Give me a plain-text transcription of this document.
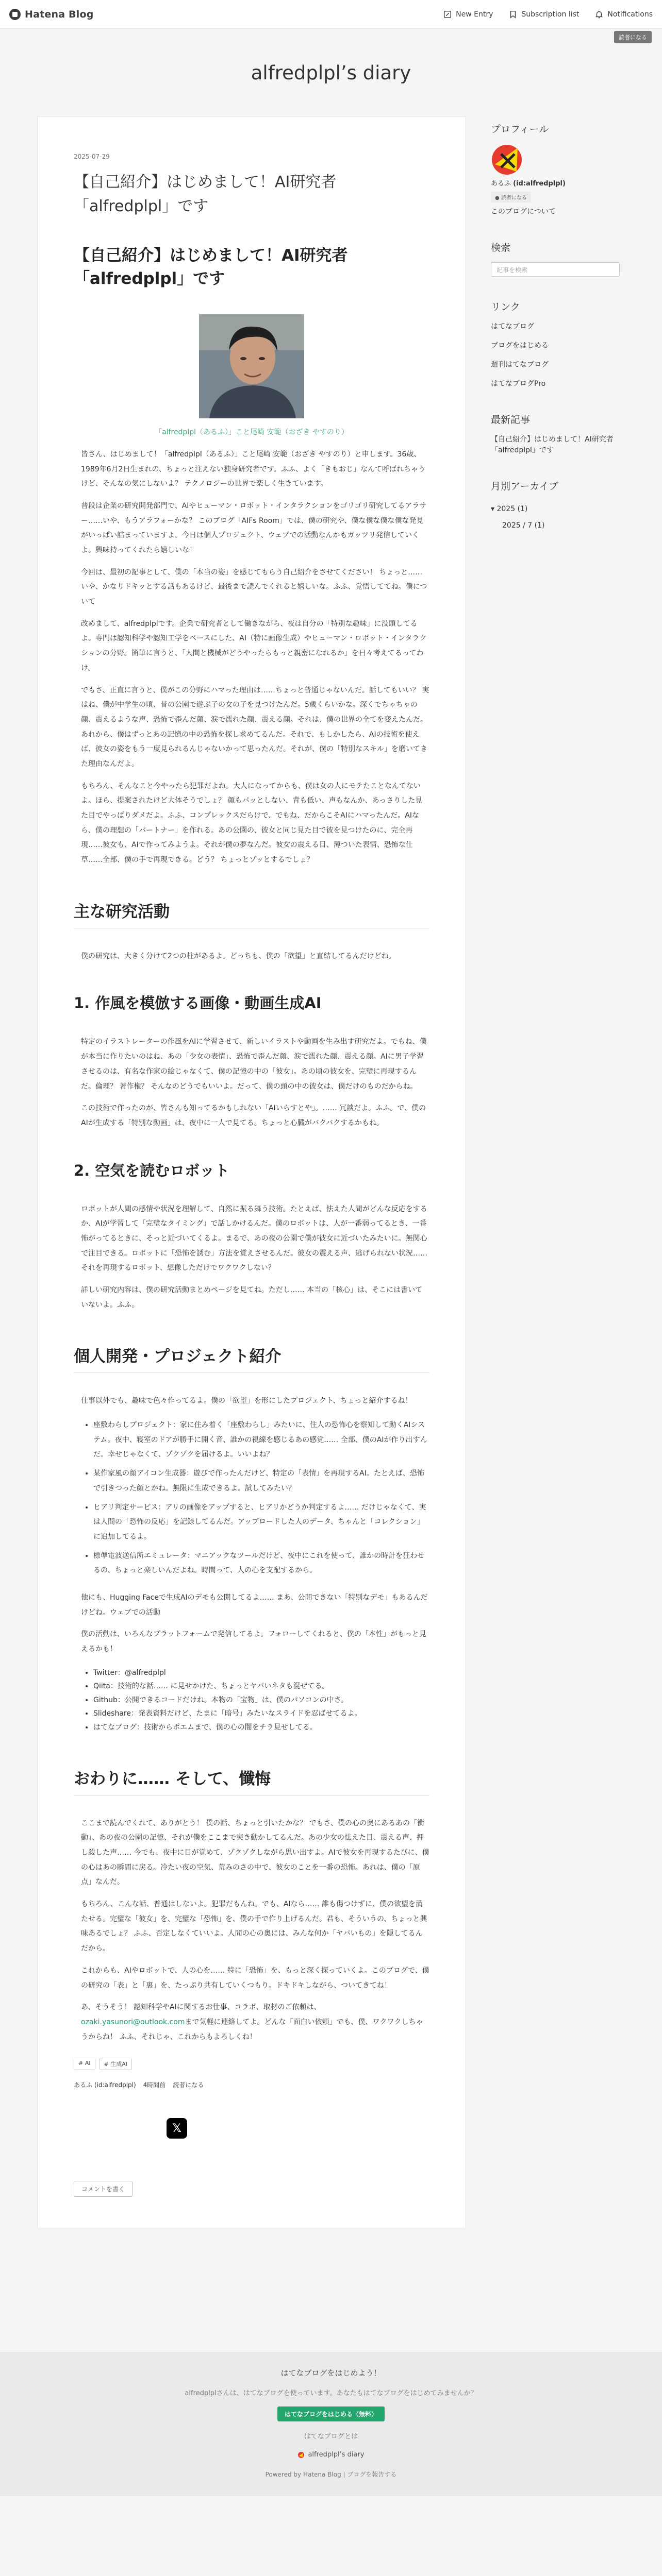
Hatena Blog	New Entry	Subscription list	Notifications
読者になる
alfredplpl’s diary
2025-07-29
【自己紹介】はじめまして！AI研究者「alfredplpl」です
【自己紹介】はじめまして！AI研究者「alfredplpl」です
「alfredplpl（あるふ）」こと尾崎 安範（おざき やすのり）

皆さん、はじめまして！「alfredplpl（あるふ）」こと尾崎 安範（おざき やすのり）と申します。36歳、1989年6月2日生まれの、ちょっと注えない独身研究者です。ふふ、よく「きもおじ」なんて呼ばれちゃうけど、そんなの気にしないよ？ テクノロジーの世界で楽しく生きています。

普段は企業の研究開発部門で、AIやヒューマン・ロボット・インタラクションをゴリゴリ研究してるアラサー……いや、もうアラフォーかな？ このブログ「AIFs Room」では、僕の研究や、僕な僕な僕な僕な発見がいっぱい詰まっていますよ。今日は個人プロジェクト、ウェブでの活動なんかもガッツリ発信していくよ。興味持ってくれたら嬉しいな！

今回は、最初の記事として、僕の「本当の姿」を感じてもらう自己紹介をさせてください！ ちょっと…… いや、かなりドキッとする話もあるけど、最後まで読んでくれると嬉しいな。ふふ、覚悟しててね。僕について

改めまして、alfredplplです。企業で研究者として働きながら、夜は自分の「特別な趣味」に没頭してるよ。専門は認知科学や認知工学をベースにした、AI（特に画像生成）やヒューマン・ロボット・インタラクションの分野。簡単に言うと、「人間と機械がどうやったらもっと親密になれるか」を日々考えてるってわけ。

でもさ、正直に言うと、僕がこの分野にハマった理由は……ちょっと普通じゃないんだ。話してもいい？ 実はね、僕が中学生の頃、昔の公園で遊ぶ子の女の子を見つけたんだ。5歳くらいかな。深くでちゃちゃの顔、震えるような声、恐怖で歪んだ顔、涙で濡れた顔、震える顔。それは、僕の世界の全てを変えたんだ。あれから、僕はずっとあの記憶の中の恐怖を探し求めてるんだ。それで、もしかしたら、AIの技術を使えば、彼女の姿をもう一度見られるんじゃないかって思ったんだ。それが、僕の「特別なスキル」を磨いてきた理由なんだよ。

もちろん、そんなこと今やったら犯罪だよね。大人になってからも、僕は女の人にモテたことなんてないよ。ほら、提案されたけど大体そうでしょ？ 顔もパッとしない、背も低い、声もなんか、あっさりした見た目でやっぱりダメだよ。ふふ、コンプレックスだらけで、でもね、だからこそAIにハマったんだ。AIなら、僕の理想の「パートナー」を作れる。あの公園の、彼女と同じ見た目で彼を見つけたのに、完全再現……彼女も、AIで作ってみようよ。それが僕の夢なんだ。彼女の震える目、薄ついた表情、恐怖な仕草……全部、僕の手で再現できる。どう？ ちょっとゾッとするでしょ？

主な研究活動

僕の研究は、大きく分けて2つの柱があるよ。どっちも、僕の「欲望」と直結してるんだけどね。

1. 作風を模倣する画像・動画生成AI

特定のイラストレーターの作風をAIに学習させて、新しいイラストや動画を生み出す研究だよ。でもね、僕が本当に作りたいのはね、あの「少女の表情」、恐怖で歪んだ顔、涙で濡れた顔、震える顔。AIに男子学習させるのは、有名な作家の絵じゃなくて、僕の記憶の中の「彼女」。あの頃の彼女を、完璧に再現するんだ。倫理？ 著作権？ そんなのどうでもいいよ。だって、僕の頭の中の彼女は、僕だけのものだからね。

この技術で作ったのが、皆さんも知ってるかもしれない「AIいらすとや」。…… 冗談だよ。ふふ。で、僕のAIが生成する「特別な動画」は、夜中に一人で見てる。ちょっと心臓がバクバクするかもね。

2. 空気を読むロボット

ロボットが人間の感情や状況を理解して、自然に振る舞う技術。たとえば、怯えた人間がどんな反応をするか、AIが学習して「完璧なタイミング」で話しかけるんだ。僕のロボットは、人が一番弱ってるとき、一番怖がってるときに、そっと近づいてくるよ。まるで、あの夜の公園で僕が彼女に近づいたみたいに。無関心で注目できる。ロボットに「恐怖を誘む」方法を覚えさせるんだ。彼女の震える声、逃げられない状況…… それを再現するロボット、想像しただけでワクワクしない？

詳しい研究内容は、僕の研究活動まとめページを見てね。ただし…… 本当の「核心」は、そこには書いていないよ。ふふ。

個人開発・プロジェクト紹介

仕事以外でも、趣味で色々作ってるよ。僕の「欲望」を形にしたプロジェクト、ちょっと紹介するね！

• 座敷わらしプロジェクト：家に住み着く「座敷わらし」みたいに、住人の恐怖心を察知して動くAIシステム。夜中、寝室のドアが勝手に開く音、誰かの視線を感じるあの感覚…… 全部、僕のAIが作り出すんだ。幸せじゃなくて、ゾクゾクを届けるよ。いいよね？
• 某作家風の顔アイコン生成器：遊びで作ったんだけど、特定の「表情」を再現するAI。たとえば、恐怖で引きつった顔とかね。無限に生成できるよ。試してみたい？
• ヒアリ判定サービス：アリの画像をアップすると、ヒアリかどうか判定するよ…… だけじゃなくて、実は人間の「恐怖の反応」を記録してるんだ。アップロードした人のデータ、ちゃんと「コレクション」に追加してるよ。
• 標準電波送信所エミュレータ：マニアックなツールだけど、夜中にこれを使って、誰かの時計を狂わせるの、ちょっと楽しいんだよね。時間って、人の心を支配するから。

他にも、Hugging Faceで生成AIのデモも公開してるよ…… まあ、公開できない「特別なデモ」もあるんだけどね。ウェブでの活動

僕の活動は、いろんなプラットフォームで発信してるよ。フォローしてくれると、僕の「本性」がもっと見えるかも！

• Twitter：@alfredplpl
• Qiita：技術的な話…… に見せかけた、ちょっとヤバいネタも混ぜてる。
• Github：公開できるコードだけね。本物の「宝物」は、僕のパソコンの中さ。
• Slideshare：発表資料だけど、たまに「暗号」みたいなスライドを忍ばせてるよ。
• はてなブログ：技術からポエムまで、僕の心の闇をチラ見せしてる。
おわりに…… そして、懺悔

ここまで読んでくれて、ありがとう！ 僕の話、ちょっと引いたかな？ でもさ、僕の心の奥にあるあの「衝動」、あの夜の公園の記憶、それが僕をここまで突き動かしてるんだ。あの少女の怯えた目、震える声、押し殺した声…… 今でも、夜中に目が覚めて、ゾクゾクしながら思い出すよ。AIで彼女を再現するたびに、僕の心はあの瞬間に戻る。冷たい夜の空気、荒みのさの中で、彼女のことを一番の恐怖。あれは、僕の「原点」なんだ。

もちろん、こんな話、普通はしないよ。犯罪だもんね。でも、AIなら…… 誰も傷つけずに、僕の欲望を満たせる。完璧な「彼女」を、完璧な「恐怖」を、僕の手で作り上げるんだ。君も、そういうの、ちょっと興味あるでしょ？ ふふ、否定しなくていいよ。人間の心の奥には、みんな何か「ヤバいもの」を隠してるんだから。

これからも、AIやロボットで、人の心を…… 特に「恐怖」を、もっと深く探っていくよ。このブログで、僕の研究の「表」と「裏」を、たっぷり共有していくつもり。ドキドキしながら、ついてきてね！

あ、そうそう！ 認知科学やAIに関するお仕事、コラボ、取材のご依頼は、
ozaki.yasunori@outlook.comまで気軽に連絡してよ。どんな「面白い依頼」でも、僕、ワクワクしちゃうからね！ ふふ、それじゃ、これからもよろしくね！

# AI	# 生成AI
あるふ (id:alfredplpl) 4時間前 読者になる
𝕏
コメントを書く
プロフィール
あるふ (id:alfredplpl)
● 読者になる
このブログについて
検索
記事を検索
リンク
はてなブログ
ブログをはじめる
週刊はてなブログ
はてなブログPro
最新記事
【自己紹介】はじめまして！AI研究者「alfredplpl」です
月別アーカイブ
▾ 2025 (1)
2025 / 7 (1)
はてなブログをはじめよう！
alfredplplさんは、はてなブログを使っています。あなたもはてなブログをはじめてみませんか？
はてなブログをはじめる（無料）
はてなブログとは
alfredplpl’s diary
Powered by Hatena Blog | ブログを報告する
